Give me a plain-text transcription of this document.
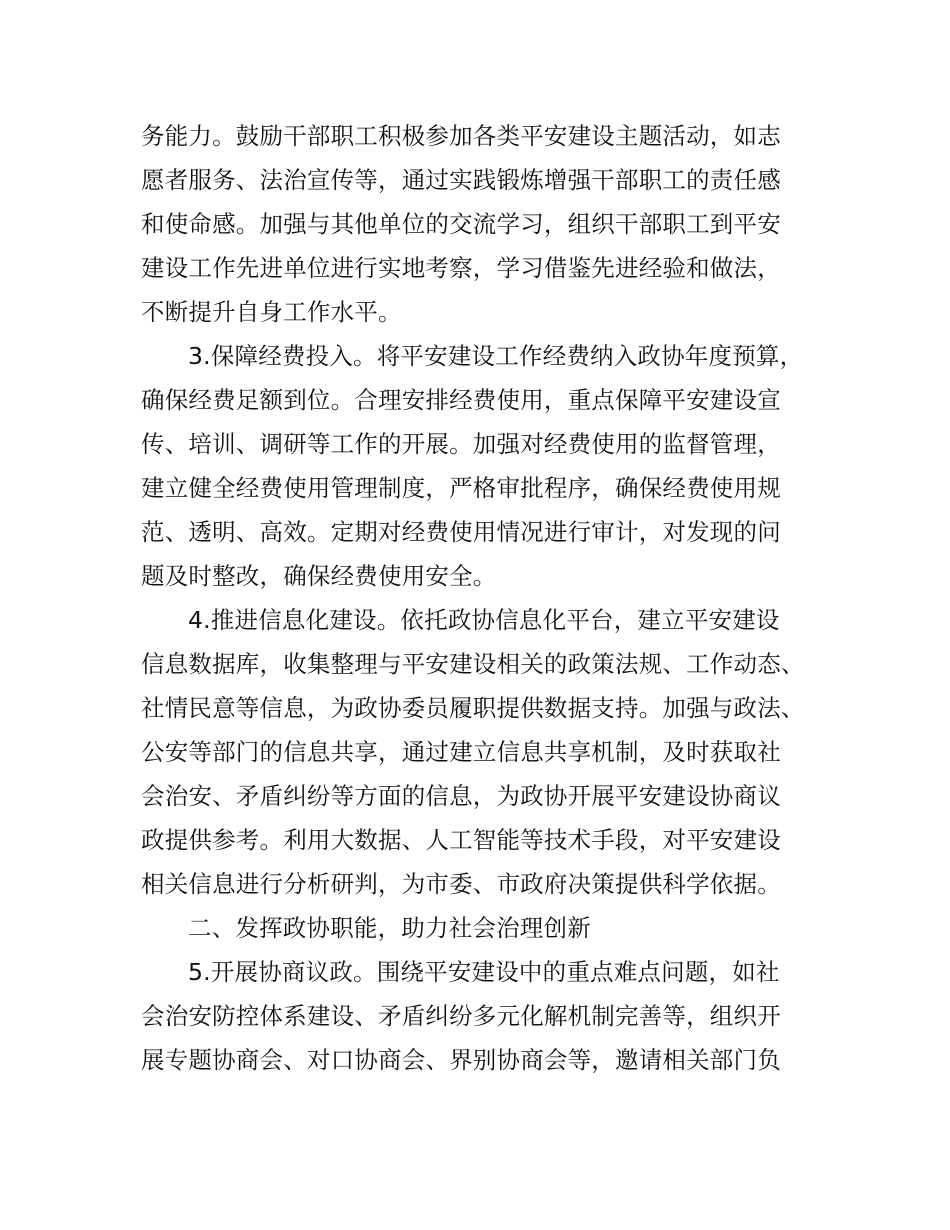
务能力。鼓励干部职工积极参加各类平安建设主题活动，如志
愿者服务、法治宣传等，通过实践锻炼增强干部职工的责任感
和使命感。加强与其他单位的交流学习，组织干部职工到平安
建设工作先进单位进行实地考察，学习借鉴先进经验和做法，
不断提升自身工作水平。
3.保障经费投入。将平安建设工作经费纳入政协年度预算，
确保经费足额到位。合理安排经费使用，重点保障平安建设宣
传、培训、调研等工作的开展。加强对经费使用的监督管理，
建立健全经费使用管理制度，严格审批程序，确保经费使用规
范、透明、高效。定期对经费使用情况进行审计，对发现的问
题及时整改，确保经费使用安全。
4.推进信息化建设。依托政协信息化平台，建立平安建设
信息数据库，收集整理与平安建设相关的政策法规、工作动态、
社情民意等信息，为政协委员履职提供数据支持。加强与政法、
公安等部门的信息共享，通过建立信息共享机制，及时获取社
会治安、矛盾纠纷等方面的信息，为政协开展平安建设协商议
政提供参考。利用大数据、人工智能等技术手段，对平安建设
相关信息进行分析研判，为市委、市政府决策提供科学依据。
二、发挥政协职能，助力社会治理创新
5.开展协商议政。围绕平安建设中的重点难点问题，如社
会治安防控体系建设、矛盾纠纷多元化解机制完善等，组织开
展专题协商会、对口协商会、界别协商会等，邀请相关部门负
